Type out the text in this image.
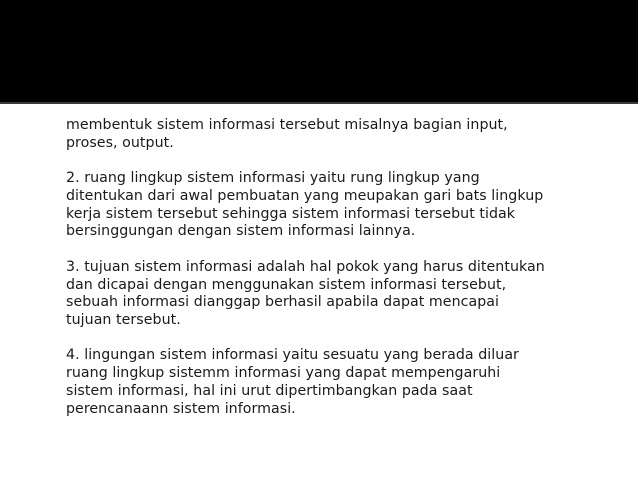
membentuk sistem informasi tersebut misalnya bagian input,
proses, output.

2. ruang lingkup sistem informasi yaitu rung lingkup yang
ditentukan dari awal pembuatan yang meupakan gari bats lingkup
kerja sistem tersebut sehingga sistem informasi tersebut tidak
bersinggungan dengan sistem informasi lainnya.

3. tujuan sistem informasi adalah hal pokok yang harus ditentukan
dan dicapai dengan menggunakan sistem informasi tersebut,
sebuah informasi dianggap berhasil apabila dapat mencapai
tujuan tersebut.

4. lingungan sistem informasi yaitu sesuatu yang berada diluar
ruang lingkup sistemm informasi yang dapat mempengaruhi
sistem informasi, hal ini urut dipertimbangkan pada saat
perencanaann sistem informasi.
